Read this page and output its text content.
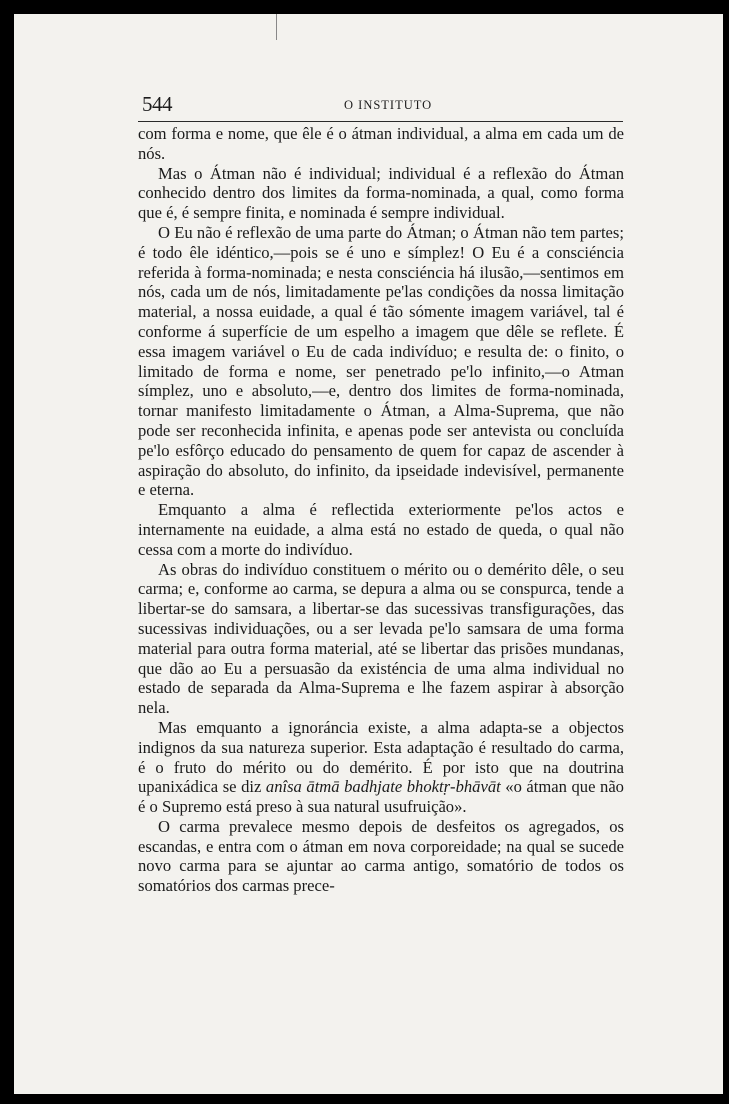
544	O INSTITUTO

com forma e nome, que êle é o átman individual, a alma em cada um de nós.

Mas o Átman não é individual; individual é a reflexão do Átman conhecido dentro dos limites da forma-nominada, a qual, como forma que é, é sempre finita, e nominada é sempre individual.

O Eu não é reflexão de uma parte do Átman; o Átman não tem partes; é todo êle idéntico,—pois se é uno e símplez! O Eu é a consciéncia referida à forma-nominada; e nesta consciéncia há ilusão,—sentimos em nós, cada um de nós, limitadamente pe'las condições da nossa limitação material, a nossa euidade, a qual é tão sómente imagem variável, tal é conforme á superfície de um espelho a imagem que dêle se reflete. É essa imagem variável o Eu de cada indivíduo; e resulta de: o finito, o limitado de forma e nome, ser penetrado pe'lo infinito,—o Atman símplez, uno e absoluto,—e, dentro dos limites de forma-nominada, tornar manifesto limitadamente o Átman, a Alma-Suprema, que não pode ser reconhecida infinita, e apenas pode ser antevista ou concluída pe'lo esfôrço educado do pensamento de quem for capaz de ascender à aspiração do absoluto, do infinito, da ipseidade indevisível, permanente e eterna.

Emquanto a alma é reflectida exteriormente pe'los actos e internamente na euidade, a alma está no estado de queda, o qual não cessa com a morte do indivíduo.

As obras do indivíduo constituem o mérito ou o demérito dêle, o seu carma; e, conforme ao carma, se depura a alma ou se conspurca, tende a libertar-se do samsara, a libertar-se das sucessivas transfigurações, das sucessivas individuações, ou a ser levada pe'lo samsara de uma forma material para outra forma material, até se libertar das prisões mundanas, que dão ao Eu a persuasão da existéncia de uma alma individual no estado de separada da Alma-Suprema e lhe fazem aspirar à absorção nela.

Mas emquanto a ignoráncia existe, a alma adapta-se a objectos indignos da sua natureza superior. Esta adaptação é resultado do carma, é o fruto do mérito ou do demérito. É por isto que na doutrina upanixádica se diz anîsa ātmā badhjate bhoktṛ-bhāvāt «o átman que não é o Supremo está preso à sua natural usufruição».

O carma prevalece mesmo depois de desfeitos os agregados, os escandas, e entra com o átman em nova corporeidade; na qual se sucede novo carma para se ajuntar ao carma antigo, somatório de todos os somatórios dos carmas prece-
